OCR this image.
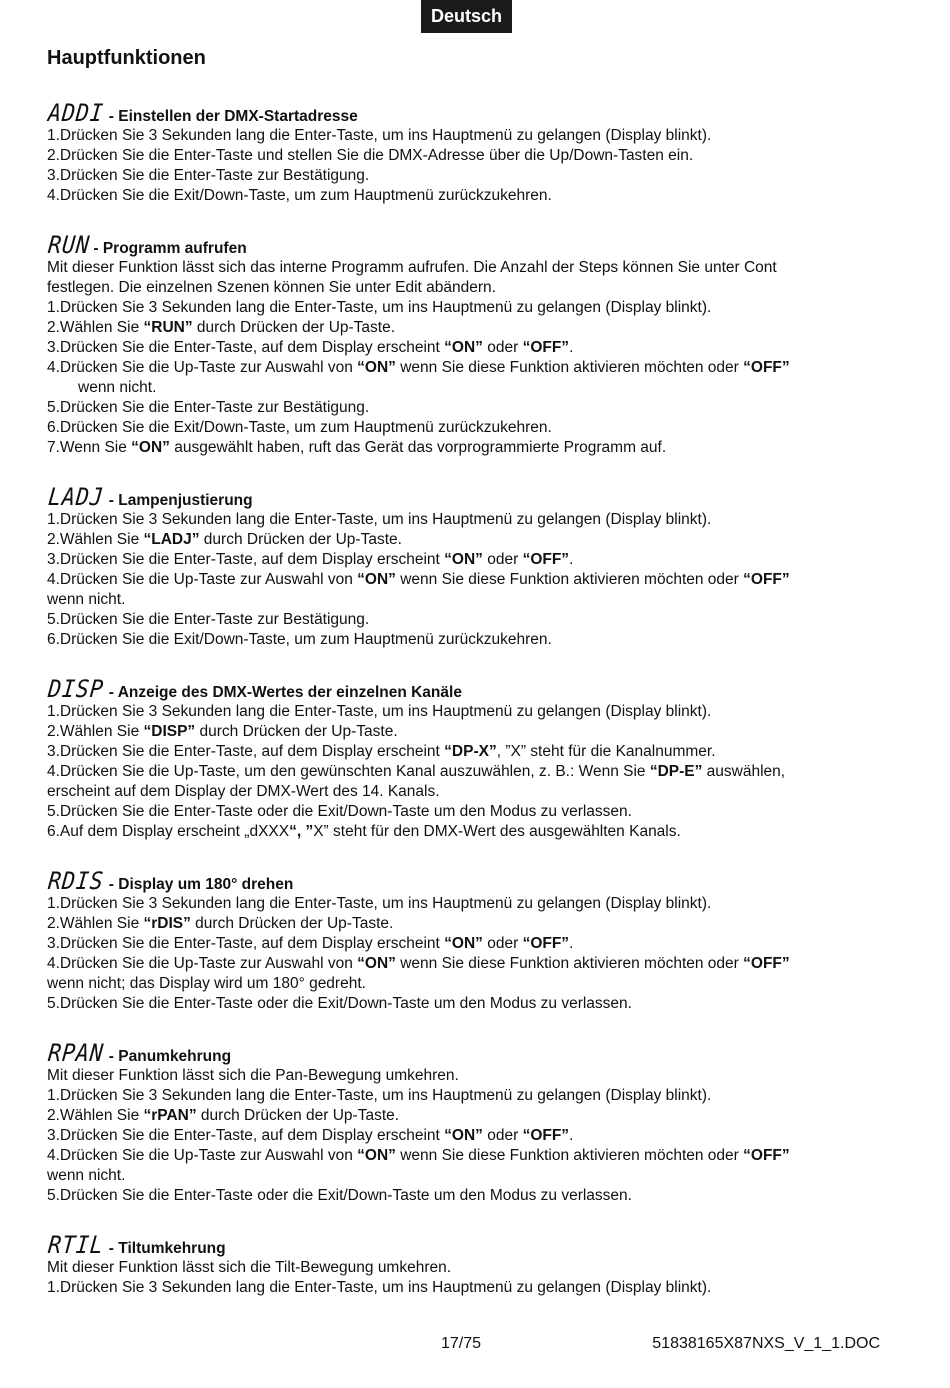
Deutsch
Hauptfunktionen
ADDI - Einstellen der DMX-Startadresse
1.Drücken Sie 3 Sekunden lang die Enter-Taste, um ins Hauptmenü zu gelangen (Display blinkt).
2.Drücken Sie die Enter-Taste und stellen Sie die DMX-Adresse über die Up/Down-Tasten ein.
3.Drücken Sie die Enter-Taste zur Bestätigung.
4.Drücken Sie die Exit/Down-Taste, um zum Hauptmenü zurückzukehren.
RUN - Programm aufrufen
Mit dieser Funktion lässt sich das interne Programm aufrufen. Die Anzahl der Steps können Sie unter Cont
festlegen. Die einzelnen Szenen können Sie unter Edit abändern.
1.Drücken Sie 3 Sekunden lang die Enter-Taste, um ins Hauptmenü zu gelangen (Display blinkt).
2.Wählen Sie “RUN” durch Drücken der Up-Taste.
3.Drücken Sie die Enter-Taste, auf dem Display erscheint “ON” oder “OFF”.
4.Drücken Sie die Up-Taste zur Auswahl von “ON” wenn Sie diese Funktion aktivieren möchten oder “OFF”
wenn nicht.
5.Drücken Sie die Enter-Taste zur Bestätigung.
6.Drücken Sie die Exit/Down-Taste, um zum Hauptmenü zurückzukehren.
7.Wenn Sie “ON” ausgewählt haben, ruft das Gerät das vorprogrammierte Programm auf.
LADJ - Lampenjustierung
1.Drücken Sie 3 Sekunden lang die Enter-Taste, um ins Hauptmenü zu gelangen (Display blinkt).
2.Wählen Sie “LADJ” durch Drücken der Up-Taste.
3.Drücken Sie die Enter-Taste, auf dem Display erscheint “ON” oder “OFF”.
4.Drücken Sie die Up-Taste zur Auswahl von “ON” wenn Sie diese Funktion aktivieren möchten oder “OFF”
wenn nicht.
5.Drücken Sie die Enter-Taste zur Bestätigung.
6.Drücken Sie die Exit/Down-Taste, um zum Hauptmenü zurückzukehren.
DISP - Anzeige des DMX-Wertes der einzelnen Kanäle
1.Drücken Sie 3 Sekunden lang die Enter-Taste, um ins Hauptmenü zu gelangen (Display blinkt).
2.Wählen Sie “DISP” durch Drücken der Up-Taste.
3.Drücken Sie die Enter-Taste, auf dem Display erscheint “DP-X”, ”X” steht für die Kanalnummer.
4.Drücken Sie die Up-Taste, um den gewünschten Kanal auszuwählen, z. B.: Wenn Sie “DP-E” auswählen,
erscheint auf dem Display der DMX-Wert des 14. Kanals.
5.Drücken Sie die Enter-Taste oder die Exit/Down-Taste um den Modus zu verlassen.
6.Auf dem Display erscheint „dXXX“, ”X” steht für den DMX-Wert des ausgewählten Kanals.
RDIS - Display um 180° drehen
1.Drücken Sie 3 Sekunden lang die Enter-Taste, um ins Hauptmenü zu gelangen (Display blinkt).
2.Wählen Sie “rDIS” durch Drücken der Up-Taste.
3.Drücken Sie die Enter-Taste, auf dem Display erscheint “ON” oder “OFF”.
4.Drücken Sie die Up-Taste zur Auswahl von “ON” wenn Sie diese Funktion aktivieren möchten oder “OFF”
wenn nicht; das Display wird um 180° gedreht.
5.Drücken Sie die Enter-Taste oder die Exit/Down-Taste um den Modus zu verlassen.
RPAN - Panumkehrung
Mit dieser Funktion lässt sich die Pan-Bewegung umkehren.
1.Drücken Sie 3 Sekunden lang die Enter-Taste, um ins Hauptmenü zu gelangen (Display blinkt).
2.Wählen Sie “rPAN” durch Drücken der Up-Taste.
3.Drücken Sie die Enter-Taste, auf dem Display erscheint “ON” oder “OFF”.
4.Drücken Sie die Up-Taste zur Auswahl von “ON” wenn Sie diese Funktion aktivieren möchten oder “OFF”
wenn nicht.
5.Drücken Sie die Enter-Taste oder die Exit/Down-Taste um den Modus zu verlassen.
RTIL - Tiltumkehrung
Mit dieser Funktion lässt sich die Tilt-Bewegung umkehren.
1.Drücken Sie 3 Sekunden lang die Enter-Taste, um ins Hauptmenü zu gelangen (Display blinkt).
17/75	51838165X87NXS_V_1_1.DOC
